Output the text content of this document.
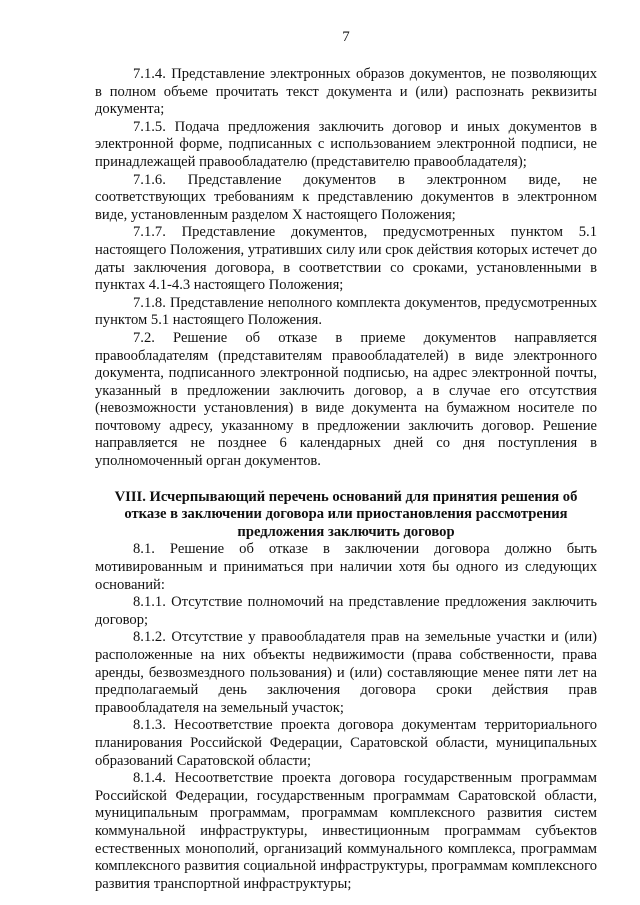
7

7.1.4. Представление электронных образов документов, не позволяющих в полном объеме прочитать текст документа и (или) распознать реквизиты документа;

7.1.5. Подача предложения заключить договор и иных документов в электронной форме, подписанных с использованием электронной подписи, не принадлежащей правообладателю (представителю правообладателя);

7.1.6. Представление документов в электронном виде, не соответствующих требованиям к представлению документов в электронном виде, установленным разделом X настоящего Положения;

7.1.7. Представление документов, предусмотренных пунктом 5.1 настоящего Положения, утративших силу или срок действия которых истечет до даты заключения договора, в соответствии со сроками, установленными в пунктах 4.1-4.3 настоящего Положения;

7.1.8. Представление неполного комплекта документов, предусмотренных пунктом 5.1 настоящего Положения.

7.2. Решение об отказе в приеме документов направляется правообладателям (представителям правообладателей) в виде электронного документа, подписанного электронной подписью, на адрес электронной почты, указанный в предложении заключить договор, а в случае его отсутствия (невозможности установления) в виде документа на бумажном носителе по почтовому адресу, указанному в предложении заключить договор. Решение направляется не позднее 6 календарных дней со дня поступления в уполномоченный орган документов.

VIII. Исчерпывающий перечень оснований для принятия решения об отказе в заключении договора или приостановления рассмотрения предложения заключить договор

8.1. Решение об отказе в заключении договора должно быть мотивированным и приниматься при наличии хотя бы одного из следующих оснований:

8.1.1. Отсутствие полномочий на представление предложения заключить договор;

8.1.2. Отсутствие у правообладателя прав на земельные участки и (или) расположенные на них объекты недвижимости (права собственности, права аренды, безвозмездного пользования) и (или) составляющие менее пяти лет на предполагаемый день заключения договора сроки действия прав правообладателя на земельный участок;

8.1.3. Несоответствие проекта договора документам территориального планирования Российской Федерации, Саратовской области, муниципальных образований Саратовской области;

8.1.4. Несоответствие проекта договора государственным программам Российской Федерации, государственным программам Саратовской области, муниципальным программам, программам комплексного развития систем коммунальной инфраструктуры, инвестиционным программам субъектов естественных монополий, организаций коммунального комплекса, программам комплексного развития социальной инфраструктуры, программам комплексного развития транспортной инфраструктуры;
